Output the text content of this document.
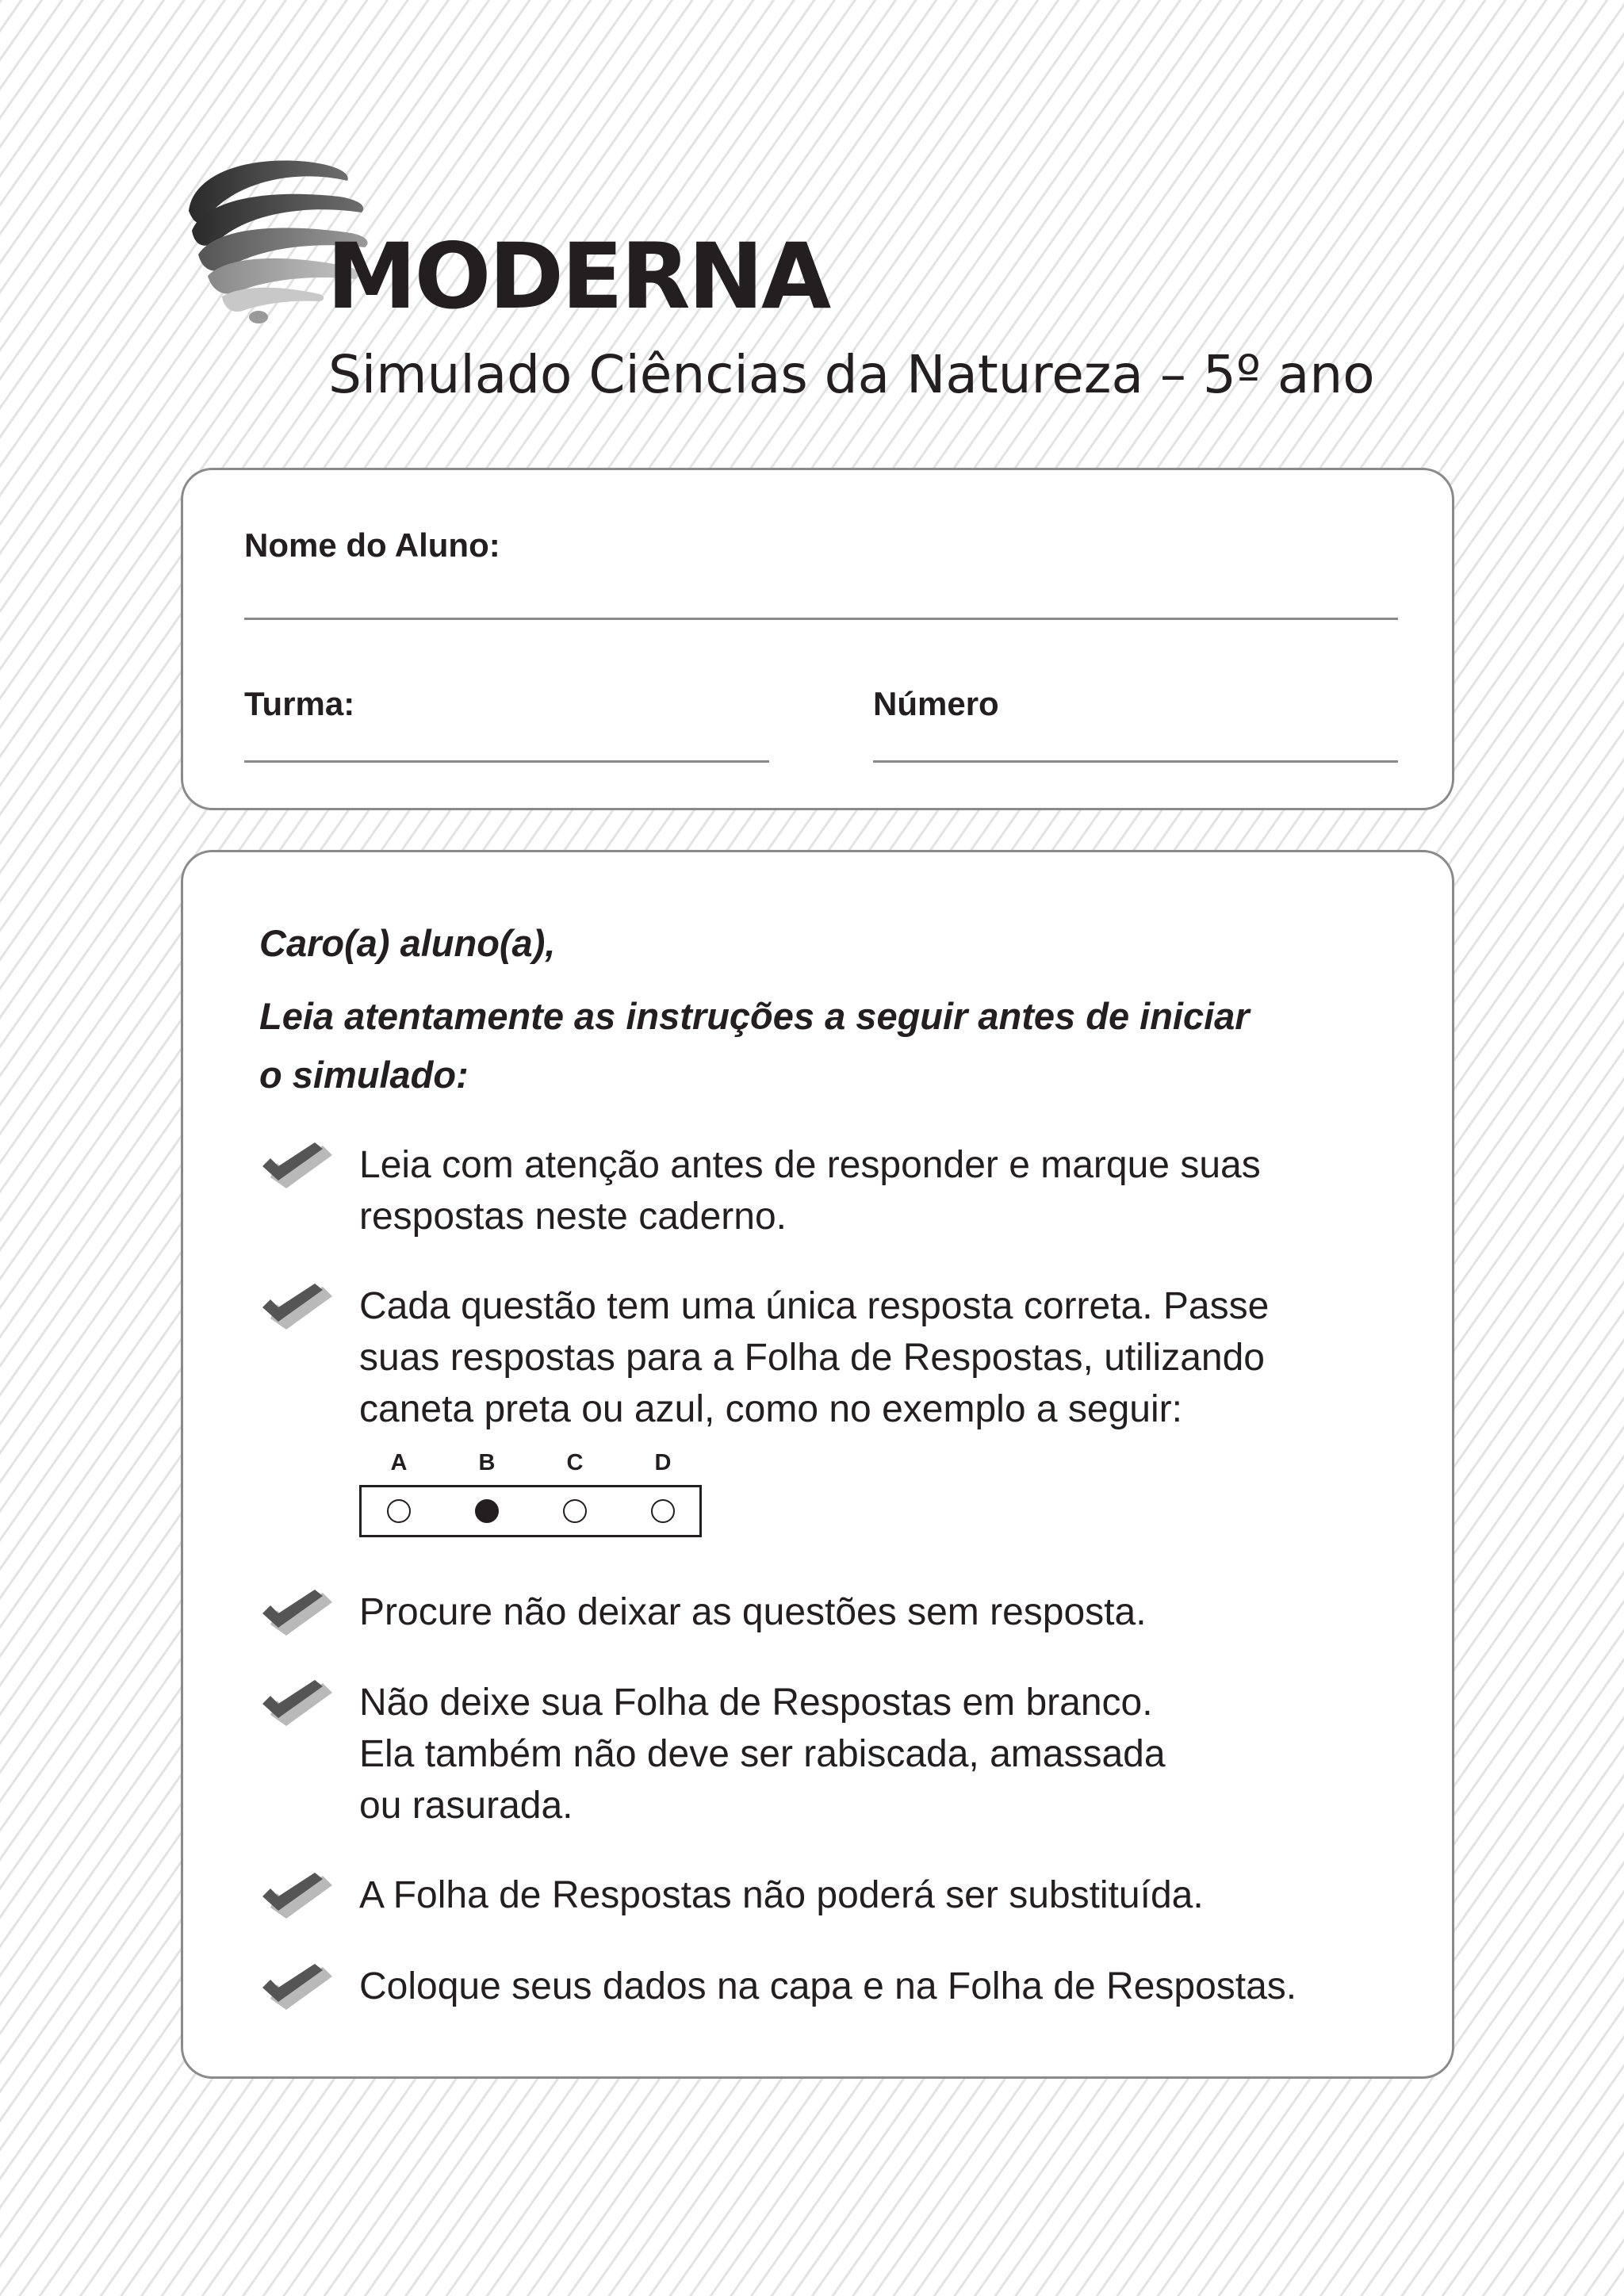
MODERNA
Simulado Ciências da Natureza – 5º ano
Nome do Aluno:
Turma:	Número
Caro(a) aluno(a),
Leia atentamente as instruções a seguir antes de iniciar
o simulado:
Leia com atenção antes de responder e marque suas
respostas neste caderno.
Cada questão tem uma única resposta correta. Passe
suas respostas para a Folha de Respostas, utilizando
caneta preta ou azul, como no exemplo a seguir:
A	B	C	D
Procure não deixar as questões sem resposta.
Não deixe sua Folha de Respostas em branco.
Ela também não deve ser rabiscada, amassada
ou rasurada.
A Folha de Respostas não poderá ser substituída.
Coloque seus dados na capa e na Folha de Respostas.
